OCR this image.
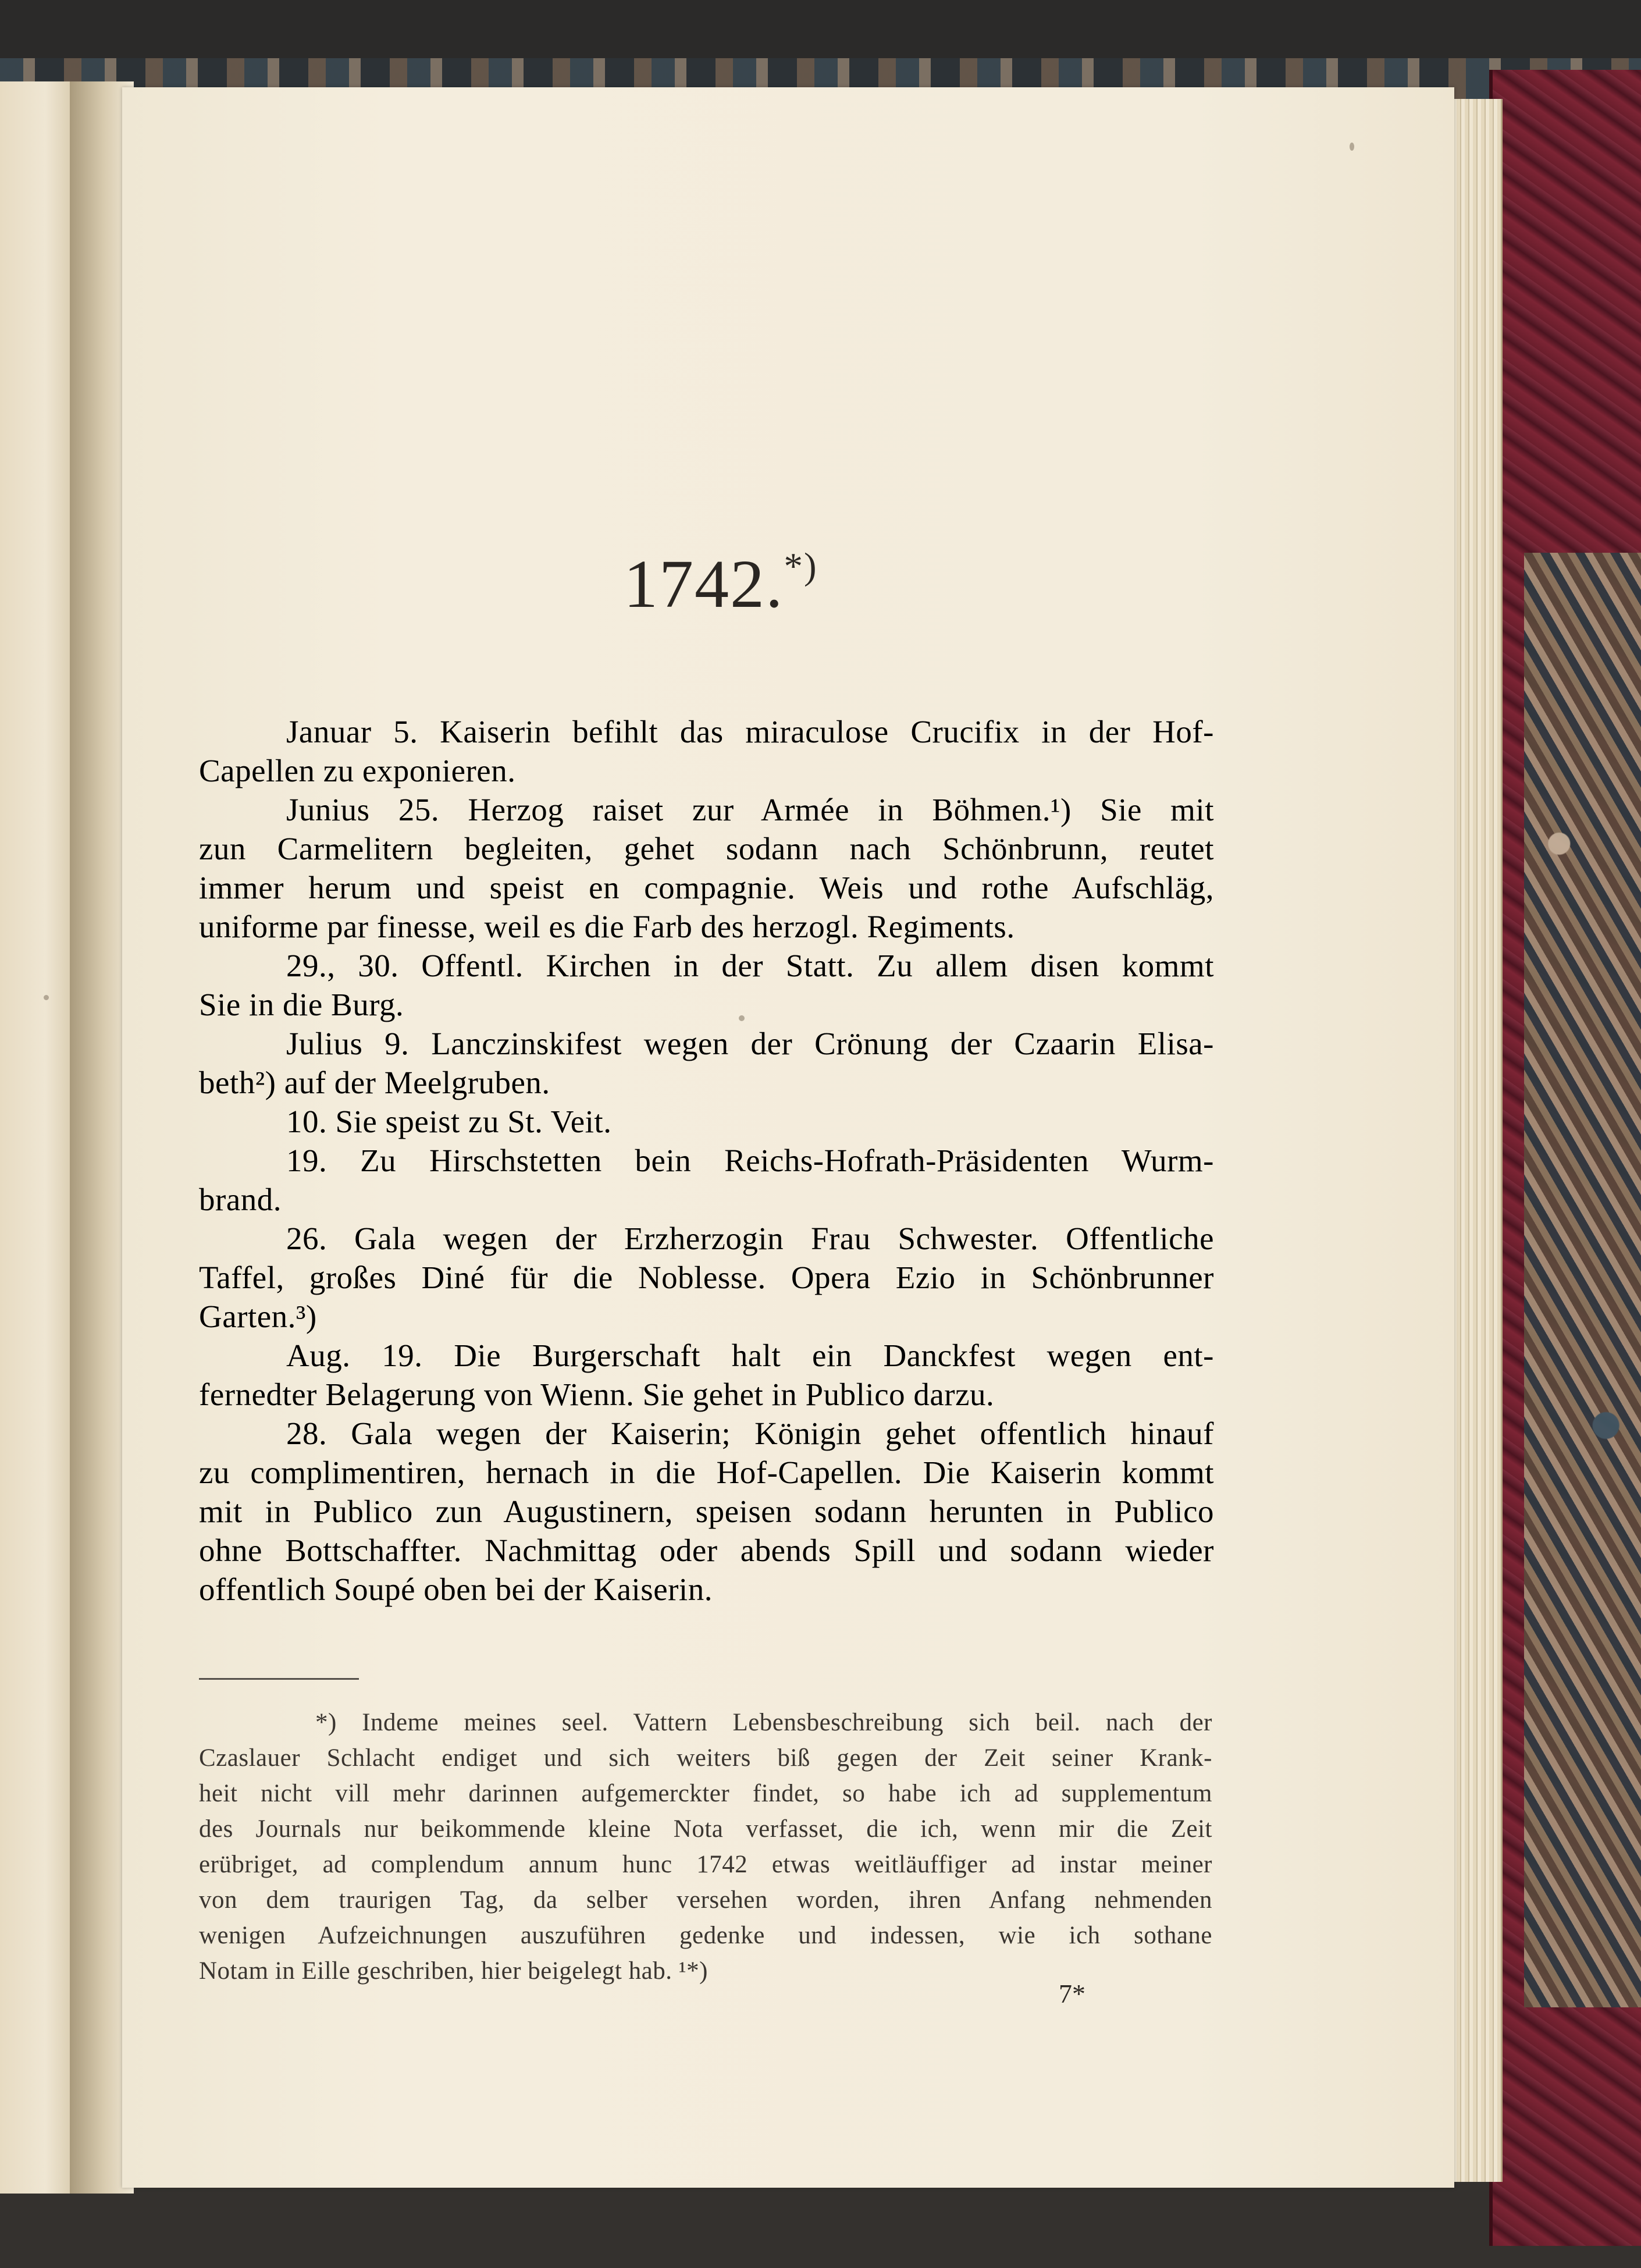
1742.*)
Januar 5. Kaiserin befihlt das miraculose Crucifix in der Hof-
Capellen zu exponieren.
Junius 25. Herzog raiset zur Armée in Böhmen.¹) Sie mit
zun Carmelitern begleiten, gehet sodann nach Schönbrunn, reutet
immer herum und speist en compagnie. Weis und rothe Aufschläg,
uniforme par finesse, weil es die Farb des herzogl. Regiments.
29., 30. Offentl. Kirchen in der Statt. Zu allem disen kommt
Sie in die Burg.
Julius 9. Lanczinskifest wegen der Crönung der Czaarin Elisa-
beth²) auf der Meelgruben.
10. Sie speist zu St. Veit.
19. Zu Hirschstetten bein Reichs-Hofrath-Präsidenten Wurm-
brand.
26. Gala wegen der Erzherzogin Frau Schwester. Offentliche
Taffel, großes Diné für die Noblesse. Opera Ezio in Schönbrunner
Garten.³)
Aug. 19. Die Burgerschaft halt ein Danckfest wegen ent-
fernedter Belagerung von Wienn. Sie gehet in Publico darzu.
28. Gala wegen der Kaiserin; Königin gehet offentlich hinauf
zu complimentiren, hernach in die Hof-Capellen. Die Kaiserin kommt
mit in Publico zun Augustinern, speisen sodann herunten in Publico
ohne Bottschaffter. Nachmittag oder abends Spill und sodann wieder
offentlich Soupé oben bei der Kaiserin.
*) Indeme meines seel. Vattern Lebensbeschreibung sich beil. nach der
Czaslauer Schlacht endiget und sich weiters biß gegen der Zeit seiner Krank-
heit nicht vill mehr darinnen aufgemerckter findet, so habe ich ad supplementum
des Journals nur beikommende kleine Nota verfasset, die ich, wenn mir die Zeit
erübriget, ad complendum annum hunc 1742 etwas weitläuffiger ad instar meiner
von dem traurigen Tag, da selber versehen worden, ihren Anfang nehmenden
wenigen Aufzeichnungen auszuführen gedenke und indessen, wie ich sothane
Notam in Eille geschriben, hier beigelegt hab. ¹*)
7*
